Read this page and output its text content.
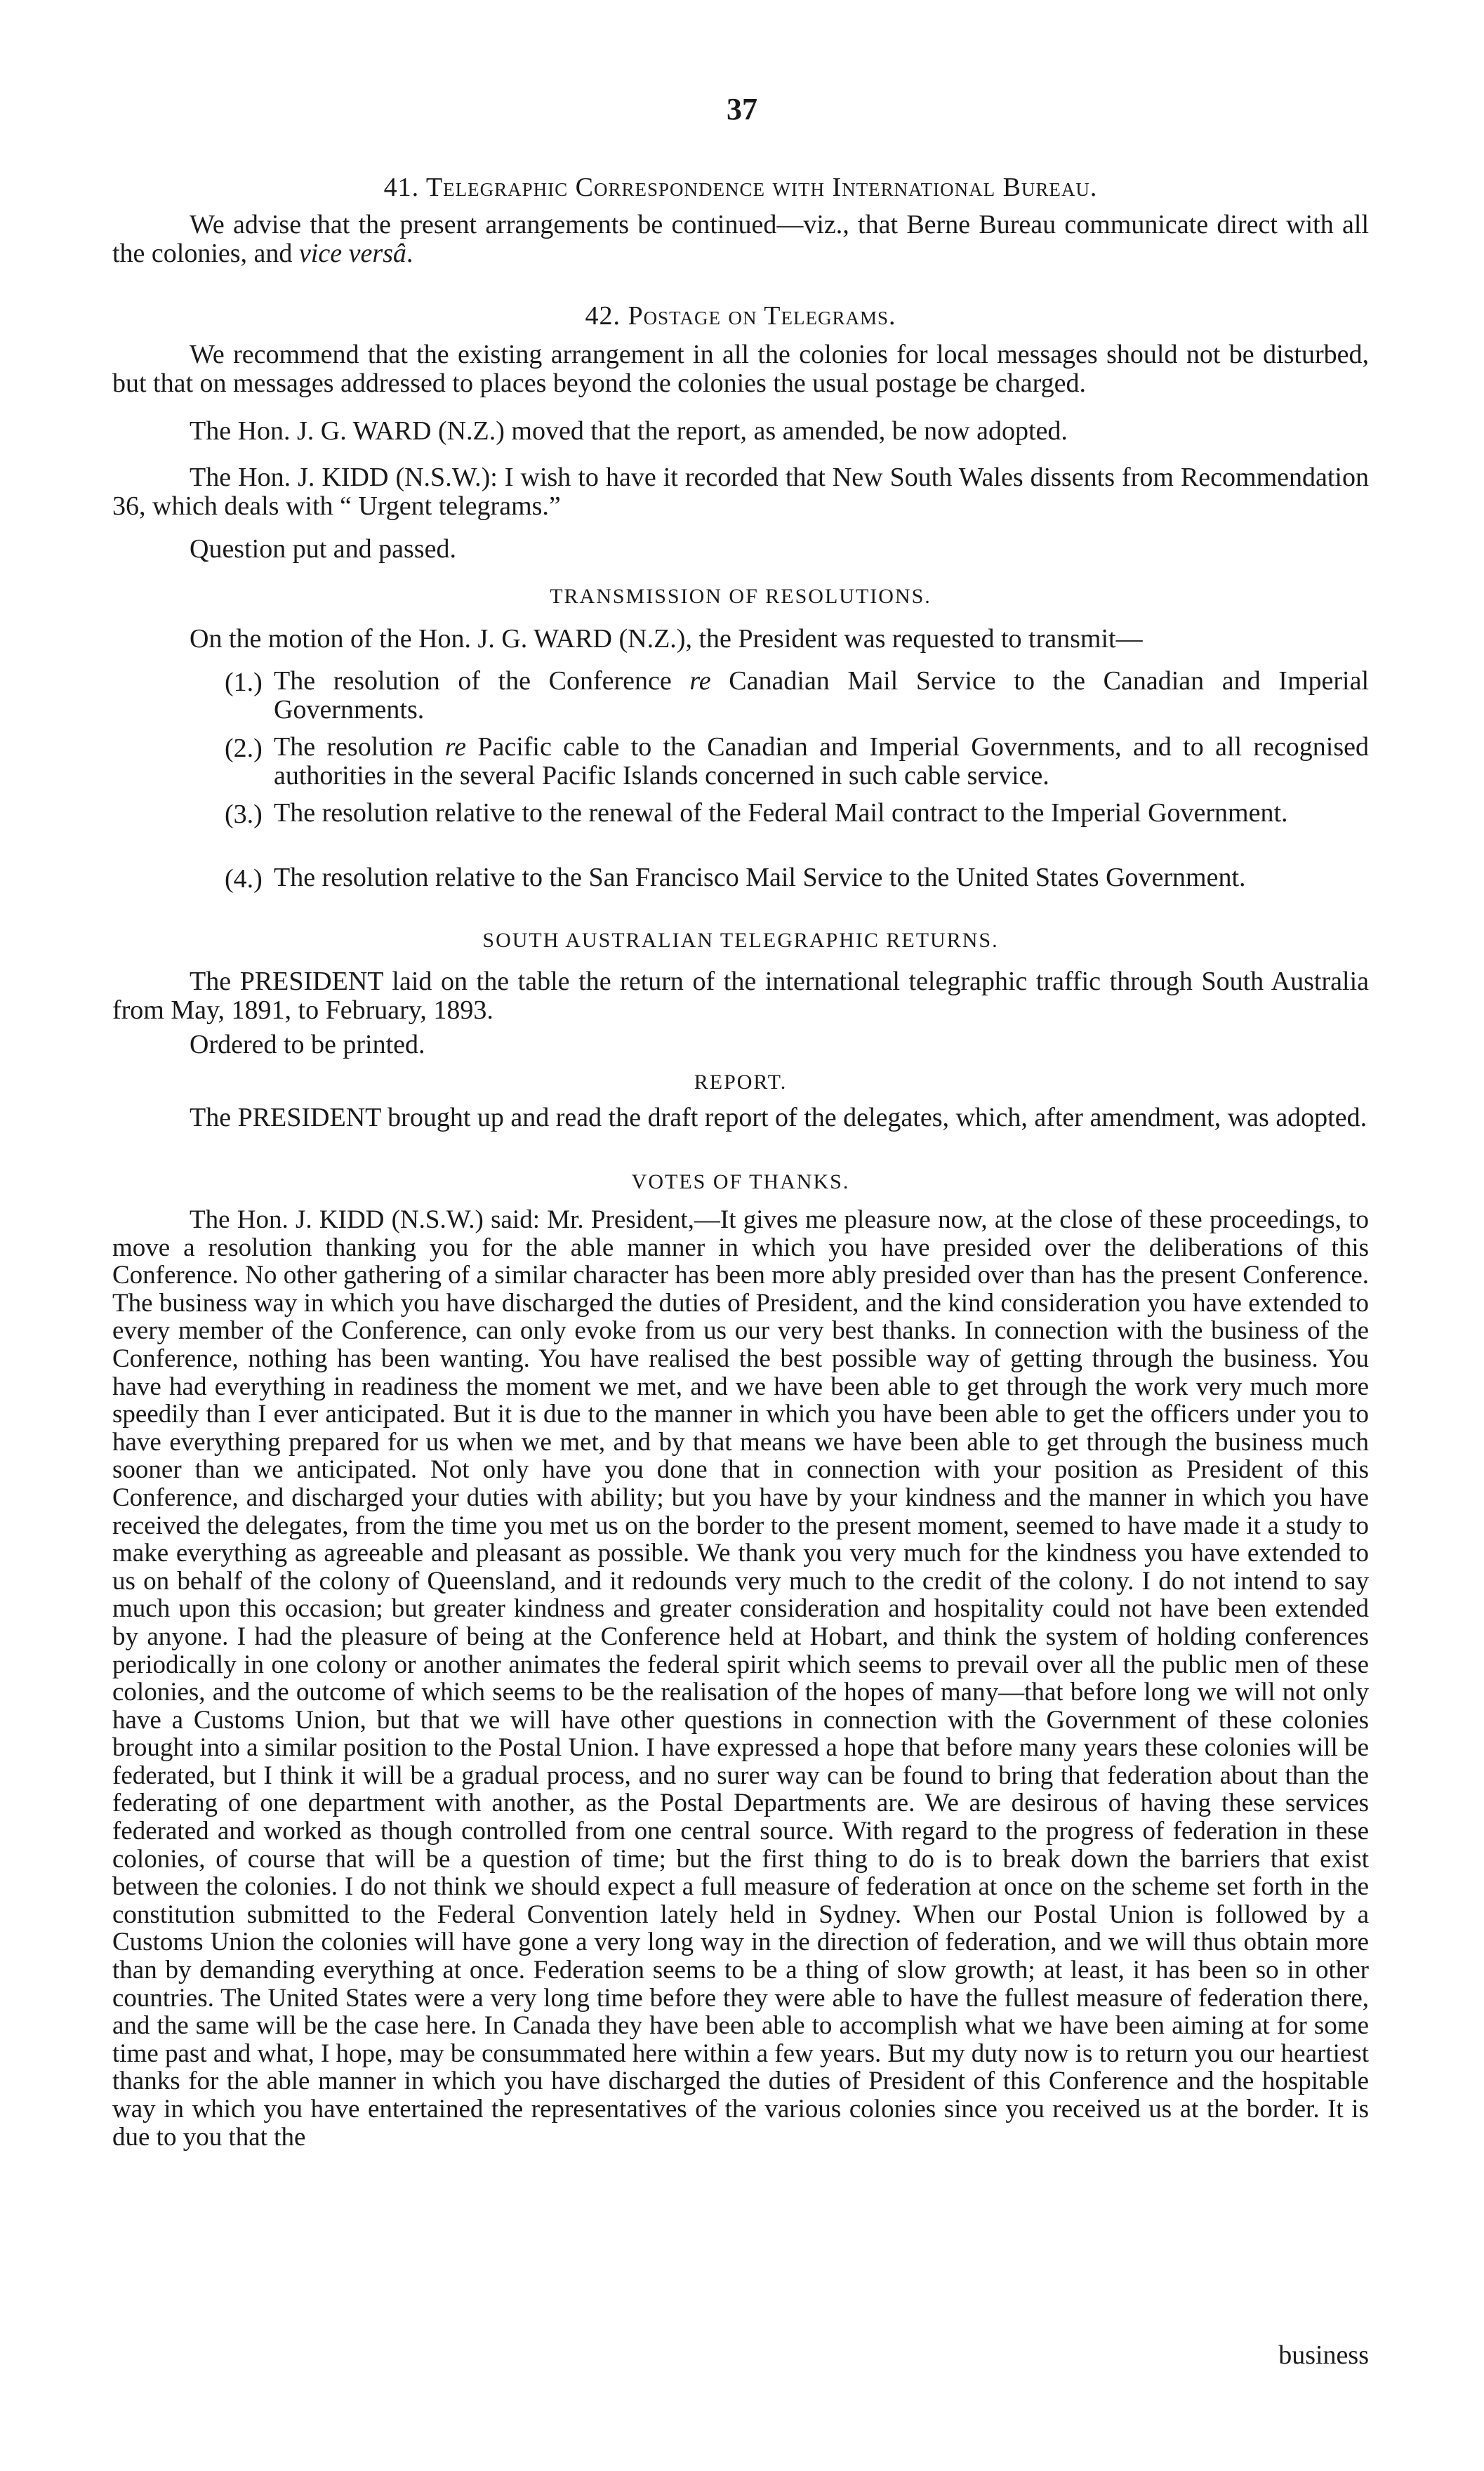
37
41. Telegraphic Correspondence with International Bureau.

We advise that the present arrangements be continued—viz., that Berne Bureau communicate direct with all the colonies, and vice versâ.

42. Postage on Telegrams.

We recommend that the existing arrangement in all the colonies for local messages should not be disturbed, but that on messages addressed to places beyond the colonies the usual postage be charged.

The Hon. J. G. WARD (N.Z.) moved that the report, as amended, be now adopted.

The Hon. J. KIDD (N.S.W.): I wish to have it recorded that New South Wales dissents from Recommendation 36, which deals with “ Urgent telegrams.”

Question put and passed.

TRANSMISSION OF RESOLUTIONS.

On the motion of the Hon. J. G. WARD (N.Z.), the President was requested to transmit—

(1.) The resolution of the Conference re Canadian Mail Service to the Canadian and Imperial Governments.
(2.) The resolution re Pacific cable to the Canadian and Imperial Governments, and to all recognised authorities in the several Pacific Islands concerned in such cable service.
(3.) The resolution relative to the renewal of the Federal Mail contract to the Imperial Government.
(4.) The resolution relative to the San Francisco Mail Service to the United States Government.
SOUTH AUSTRALIAN TELEGRAPHIC RETURNS.

The PRESIDENT laid on the table the return of the international telegraphic traffic through South Australia from May, 1891, to February, 1893.

Ordered to be printed.

REPORT.

The PRESIDENT brought up and read the draft report of the delegates, which, after amendment, was adopted.

VOTES OF THANKS.

The Hon. J. KIDD (N.S.W.) said: Mr. President,—It gives me pleasure now, at the close of these proceedings, to move a resolution thanking you for the able manner in which you have presided over the deliberations of this Conference. No other gathering of a similar character has been more ably presided over than has the present Conference. The business way in which you have discharged the duties of President, and the kind consideration you have extended to every member of the Conference, can only evoke from us our very best thanks. In connection with the business of the Conference, nothing has been wanting. You have realised the best possible way of getting through the business. You have had everything in readiness the moment we met, and we have been able to get through the work very much more speedily than I ever anticipated. But it is due to the manner in which you have been able to get the officers under you to have everything prepared for us when we met, and by that means we have been able to get through the business much sooner than we anticipated. Not only have you done that in connection with your position as President of this Conference, and discharged your duties with ability; but you have by your kindness and the manner in which you have received the delegates, from the time you met us on the border to the present moment, seemed to have made it a study to make everything as agreeable and pleasant as possible. We thank you very much for the kindness you have extended to us on behalf of the colony of Queensland, and it redounds very much to the credit of the colony. I do not intend to say much upon this occasion; but greater kindness and greater consideration and hospitality could not have been extended by anyone. I had the pleasure of being at the Conference held at Hobart, and think the system of holding conferences periodically in one colony or another animates the federal spirit which seems to prevail over all the public men of these colonies, and the outcome of which seems to be the realisation of the hopes of many—that before long we will not only have a Customs Union, but that we will have other questions in connection with the Government of these colonies brought into a similar position to the Postal Union. I have expressed a hope that before many years these colonies will be federated, but I think it will be a gradual process, and no surer way can be found to bring that federation about than the federating of one department with another, as the Postal Departments are. We are desirous of having these services federated and worked as though controlled from one central source. With regard to the progress of federation in these colonies, of course that will be a question of time; but the first thing to do is to break down the barriers that exist between the colonies. I do not think we should expect a full measure of federation at once on the scheme set forth in the constitution submitted to the Federal Convention lately held in Sydney. When our Postal Union is followed by a Customs Union the colonies will have gone a very long way in the direction of federation, and we will thus obtain more than by demanding everything at once. Federation seems to be a thing of slow growth; at least, it has been so in other countries. The United States were a very long time before they were able to have the fullest measure of federation there, and the same will be the case here. In Canada they have been able to accomplish what we have been aiming at for some time past and what, I hope, may be consummated here within a few years. But my duty now is to return you our heartiest thanks for the able manner in which you have discharged the duties of President of this Conference and the hospitable way in which you have entertained the representatives of the various colonies since you received us at the border. It is due to you that the

business
